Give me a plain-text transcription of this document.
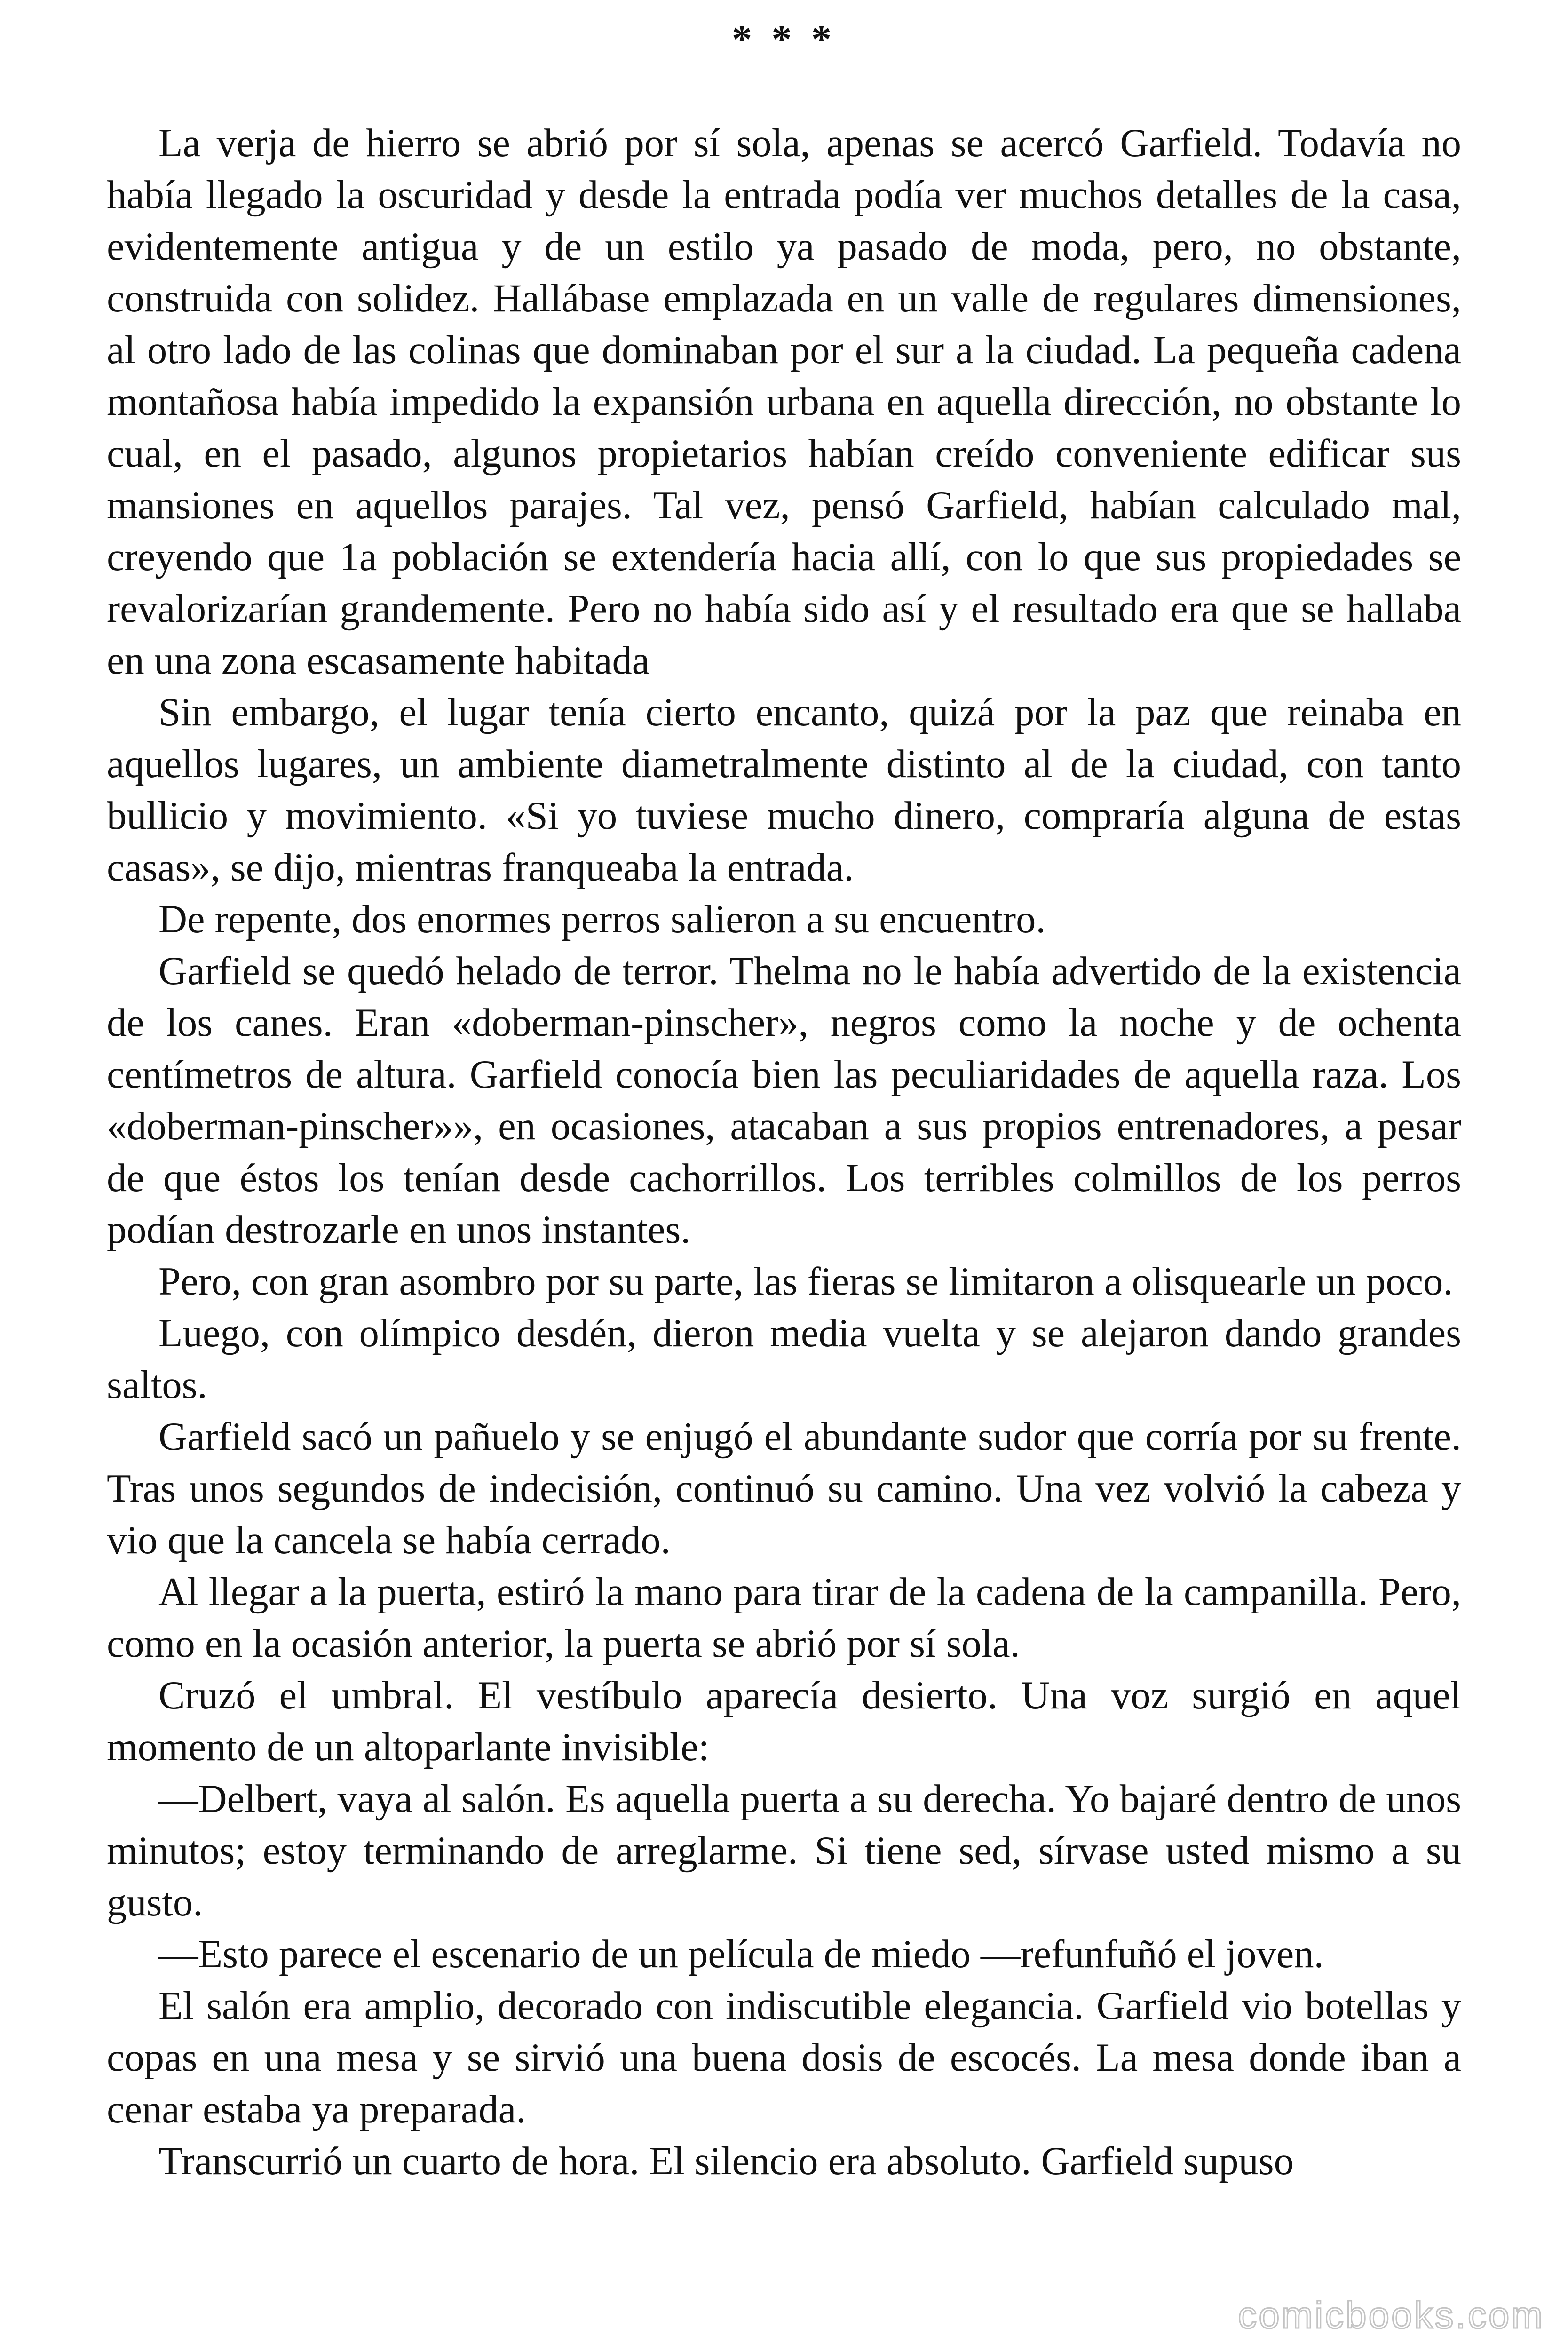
* * *

La verja de hierro se abrió por sí sola, apenas se acercó Garfield. Todavía no había llegado la oscuridad y desde la entrada podía ver muchos detalles de la casa, evidentemente antigua y de un estilo ya pasado de moda, pero, no obstante, construida con solidez. Hallábase emplazada en un valle de regulares dimensiones, al otro lado de las colinas que dominaban por el sur a la ciudad. La pequeña cadena montañosa había impedido la expansión urbana en aquella dirección, no obstante lo cual, en el pasado, algunos propietarios habían creído conveniente edificar sus mansiones en aquellos parajes. Tal vez, pensó Garfield, habían calculado mal, creyendo que 1a población se extendería hacia allí, con lo que sus propiedades se revalorizarían grandemente. Pero no había sido así y el resultado era que se hallaba en una zona escasamente habitada

Sin embargo, el lugar tenía cierto encanto, quizá por la paz que reinaba en aquellos lugares, un ambiente diametralmente distinto al de la ciudad, con tanto bullicio y movimiento. «Si yo tuviese mucho dinero, compraría alguna de estas casas», se dijo, mientras franqueaba la entrada.

De repente, dos enormes perros salieron a su encuentro.

Garfield se quedó helado de terror. Thelma no le había advertido de la existencia de los canes. Eran «doberman-pinscher», negros como la noche y de ochenta centímetros de altura. Garfield conocía bien las peculiaridades de aquella raza. Los «doberman-pinscher»», en ocasiones, atacaban a sus propios entrenadores, a pesar de que éstos los tenían desde cachorrillos. Los terribles colmillos de los perros podían destrozarle en unos instantes.

Pero, con gran asombro por su parte, las fieras se limitaron a olisquearle un poco.

Luego, con olímpico desdén, dieron media vuelta y se alejaron dando grandes saltos.

Garfield sacó un pañuelo y se enjugó el abundante sudor que corría por su frente. Tras unos segundos de indecisión, continuó su camino. Una vez volvió la cabeza y vio que la cancela se había cerrado.

Al llegar a la puerta, estiró la mano para tirar de la cadena de la campanilla. Pero, como en la ocasión anterior, la puerta se abrió por sí sola.

Cruzó el umbral. El vestíbulo aparecía desierto. Una voz surgió en aquel momento de un altoparlante invisible:

—Delbert, vaya al salón. Es aquella puerta a su derecha. Yo bajaré dentro de unos minutos; estoy terminando de arreglarme. Si tiene sed, sírvase usted mismo a su gusto.

—Esto parece el escenario de un película de miedo —refunfuñó el joven.

El salón era amplio, decorado con indiscutible elegancia. Garfield vio botellas y copas en una mesa y se sirvió una buena dosis de escocés. La mesa donde iban a cenar estaba ya preparada.

Transcurrió un cuarto de hora. El silencio era absoluto. Garfield supuso

comicbooks.com
